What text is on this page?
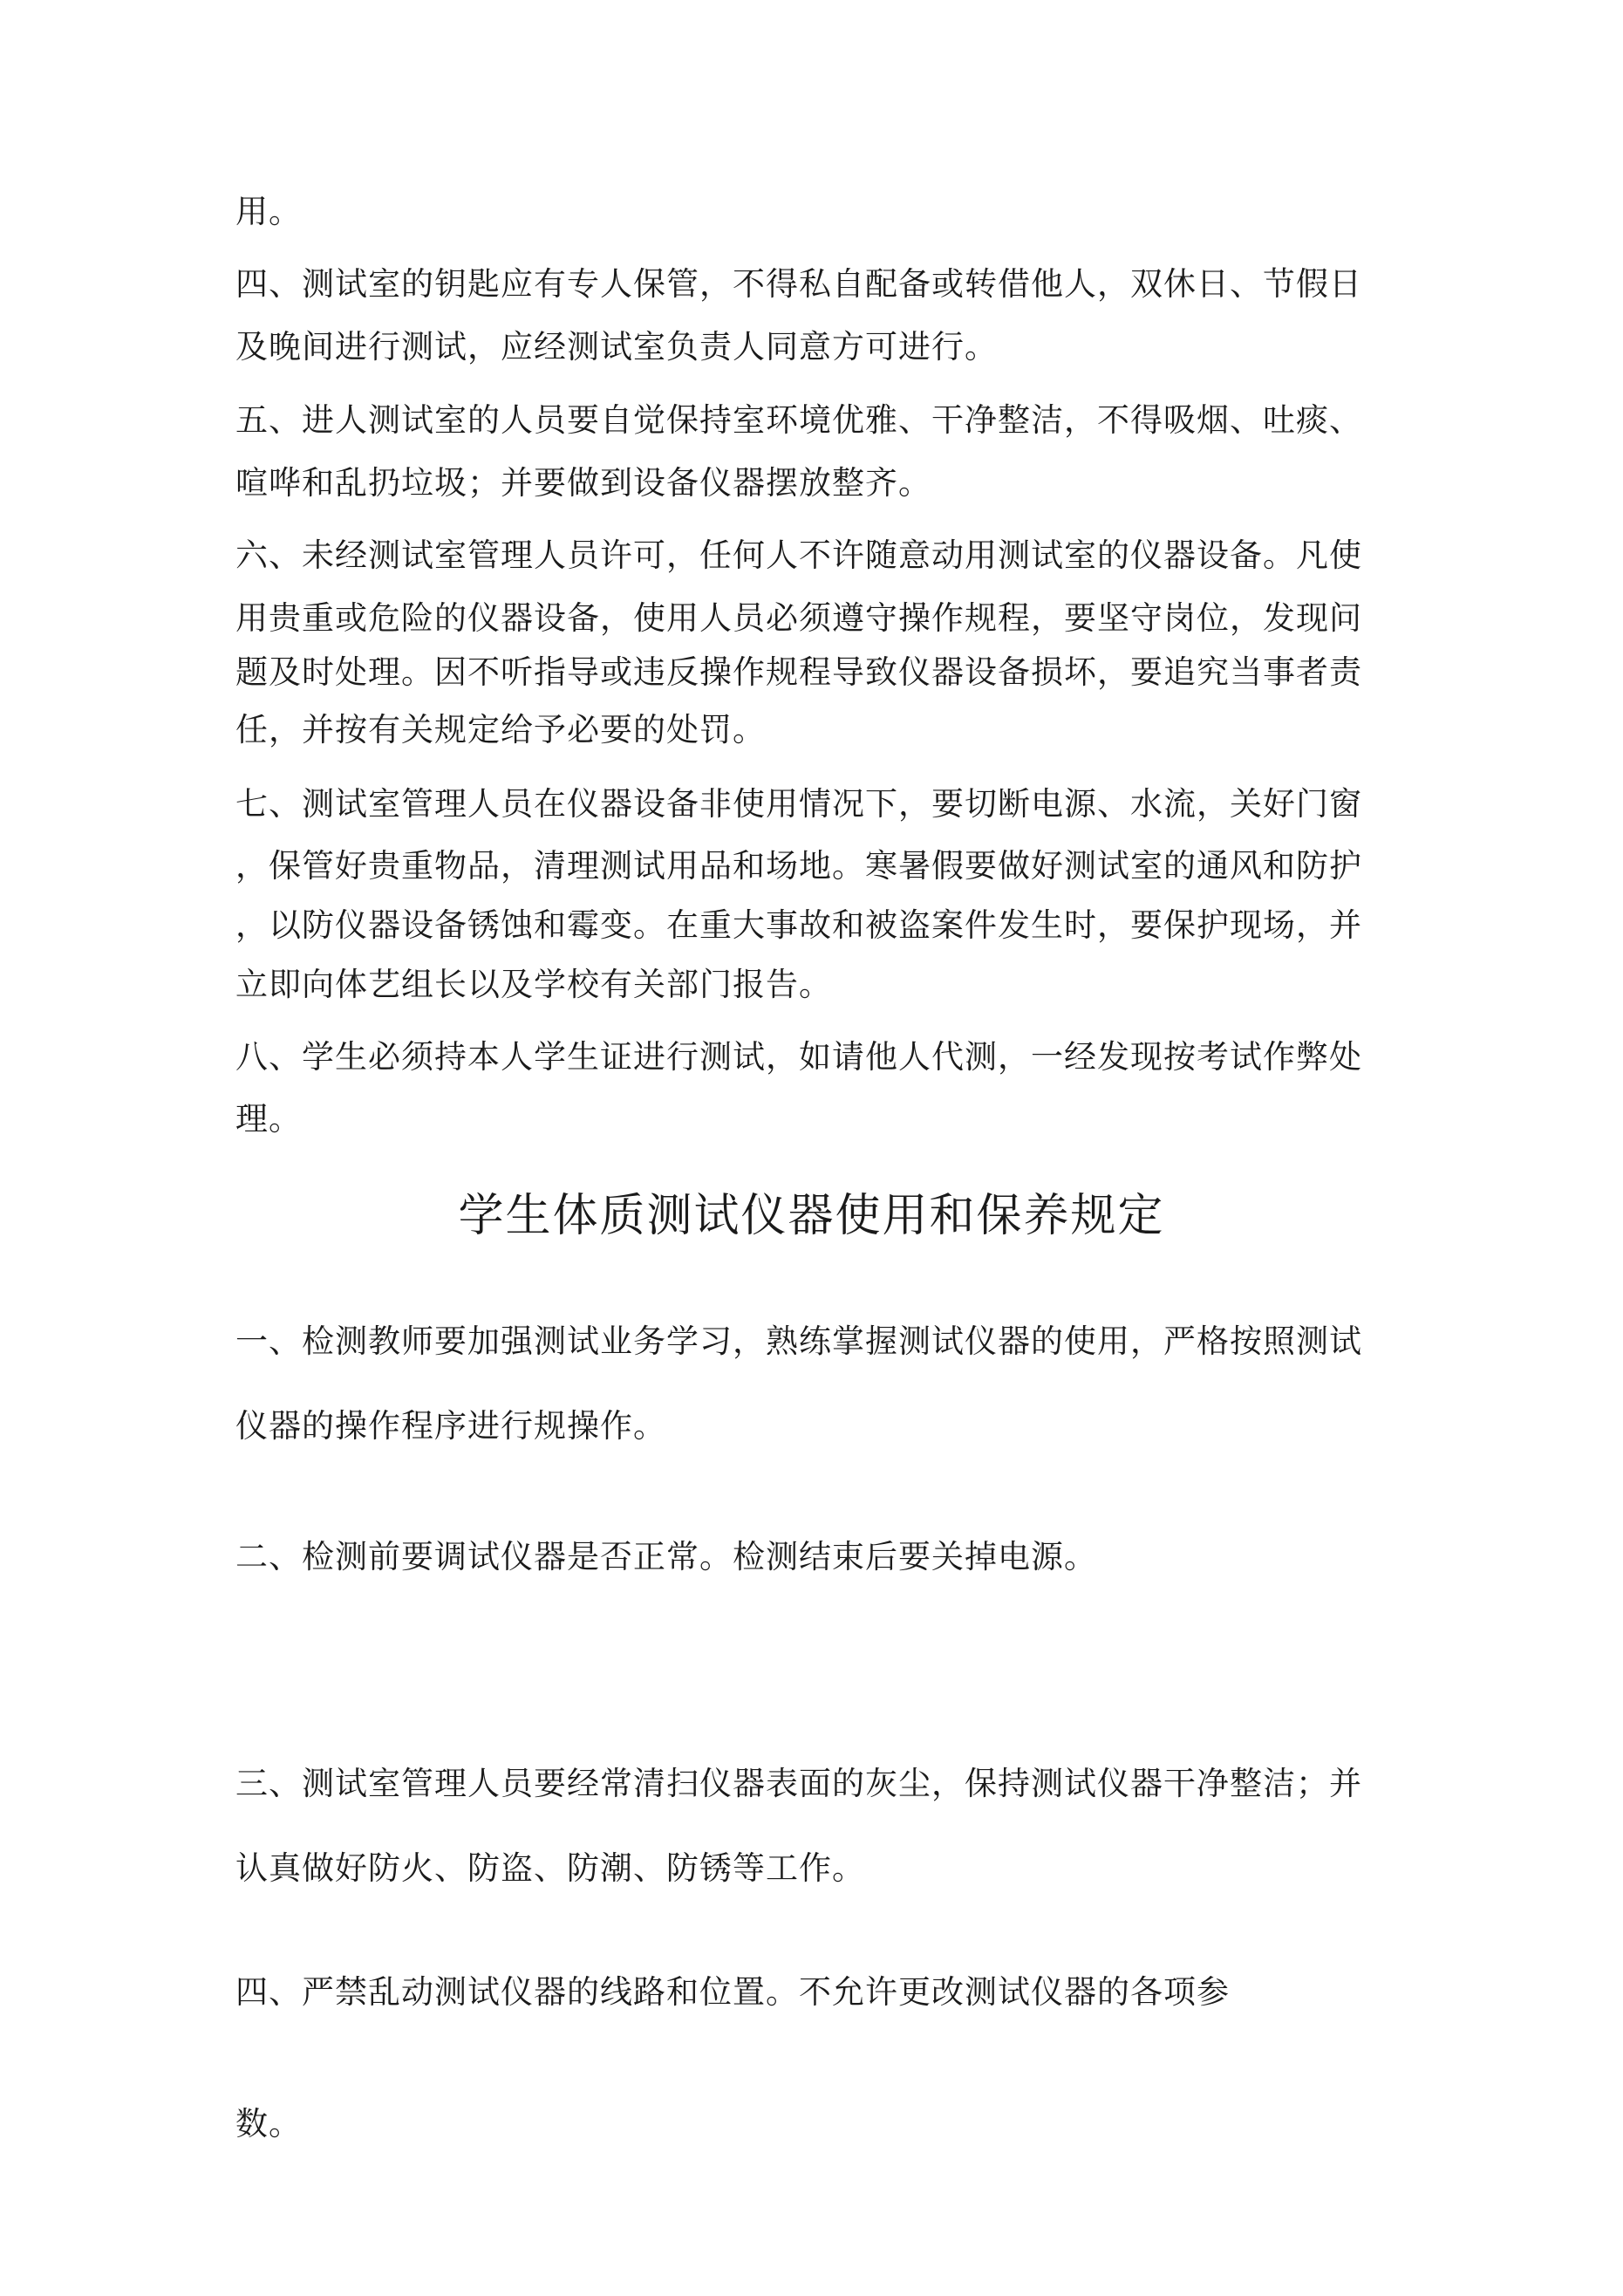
用。
四、测试室的钥匙应有专人保管，不得私自配备或转借他人，双休日、节假日
及晚间进行测试，应经测试室负责人同意方可进行。
五、进人测试室的人员要自觉保持室环境优雅、干净整洁，不得吸烟、吐痰、
喧哗和乱扔垃圾；并要做到设备仪器摆放整齐。
六、未经测试室管理人员许可，任何人不许随意动用测试室的仪器设备。凡使
用贵重或危险的仪器设备，使用人员必须遵守操作规程，要坚守岗位，发现问
题及时处理。因不听指导或违反操作规程导致仪器设备损坏，要追究当事者责
任，并按有关规定给予必要的处罚。
七、测试室管理人员在仪器设备非使用情况下，要切断电源、水流，关好门窗
，保管好贵重物品，清理测试用品和场地。寒暑假要做好测试室的通风和防护
，以防仪器设备锈蚀和霉变。在重大事故和被盗案件发生时，要保护现场，并
立即向体艺组长以及学校有关部门报告。
八、学生必须持本人学生证进行测试，如请他人代测，一经发现按考试作弊处
理。
学生体质测试仪器使用和保养规定
一、检测教师要加强测试业务学习，熟练掌握测试仪器的使用，严格按照测试
仪器的操作程序进行规操作。
二、检测前要调试仪器是否正常。检测结束后要关掉电源。
三、测试室管理人员要经常清扫仪器表面的灰尘，保持测试仪器干净整洁；并
认真做好防火、防盗、防潮、防锈等工作。
四、严禁乱动测试仪器的线路和位置。不允许更改测试仪器的各项参
数。
